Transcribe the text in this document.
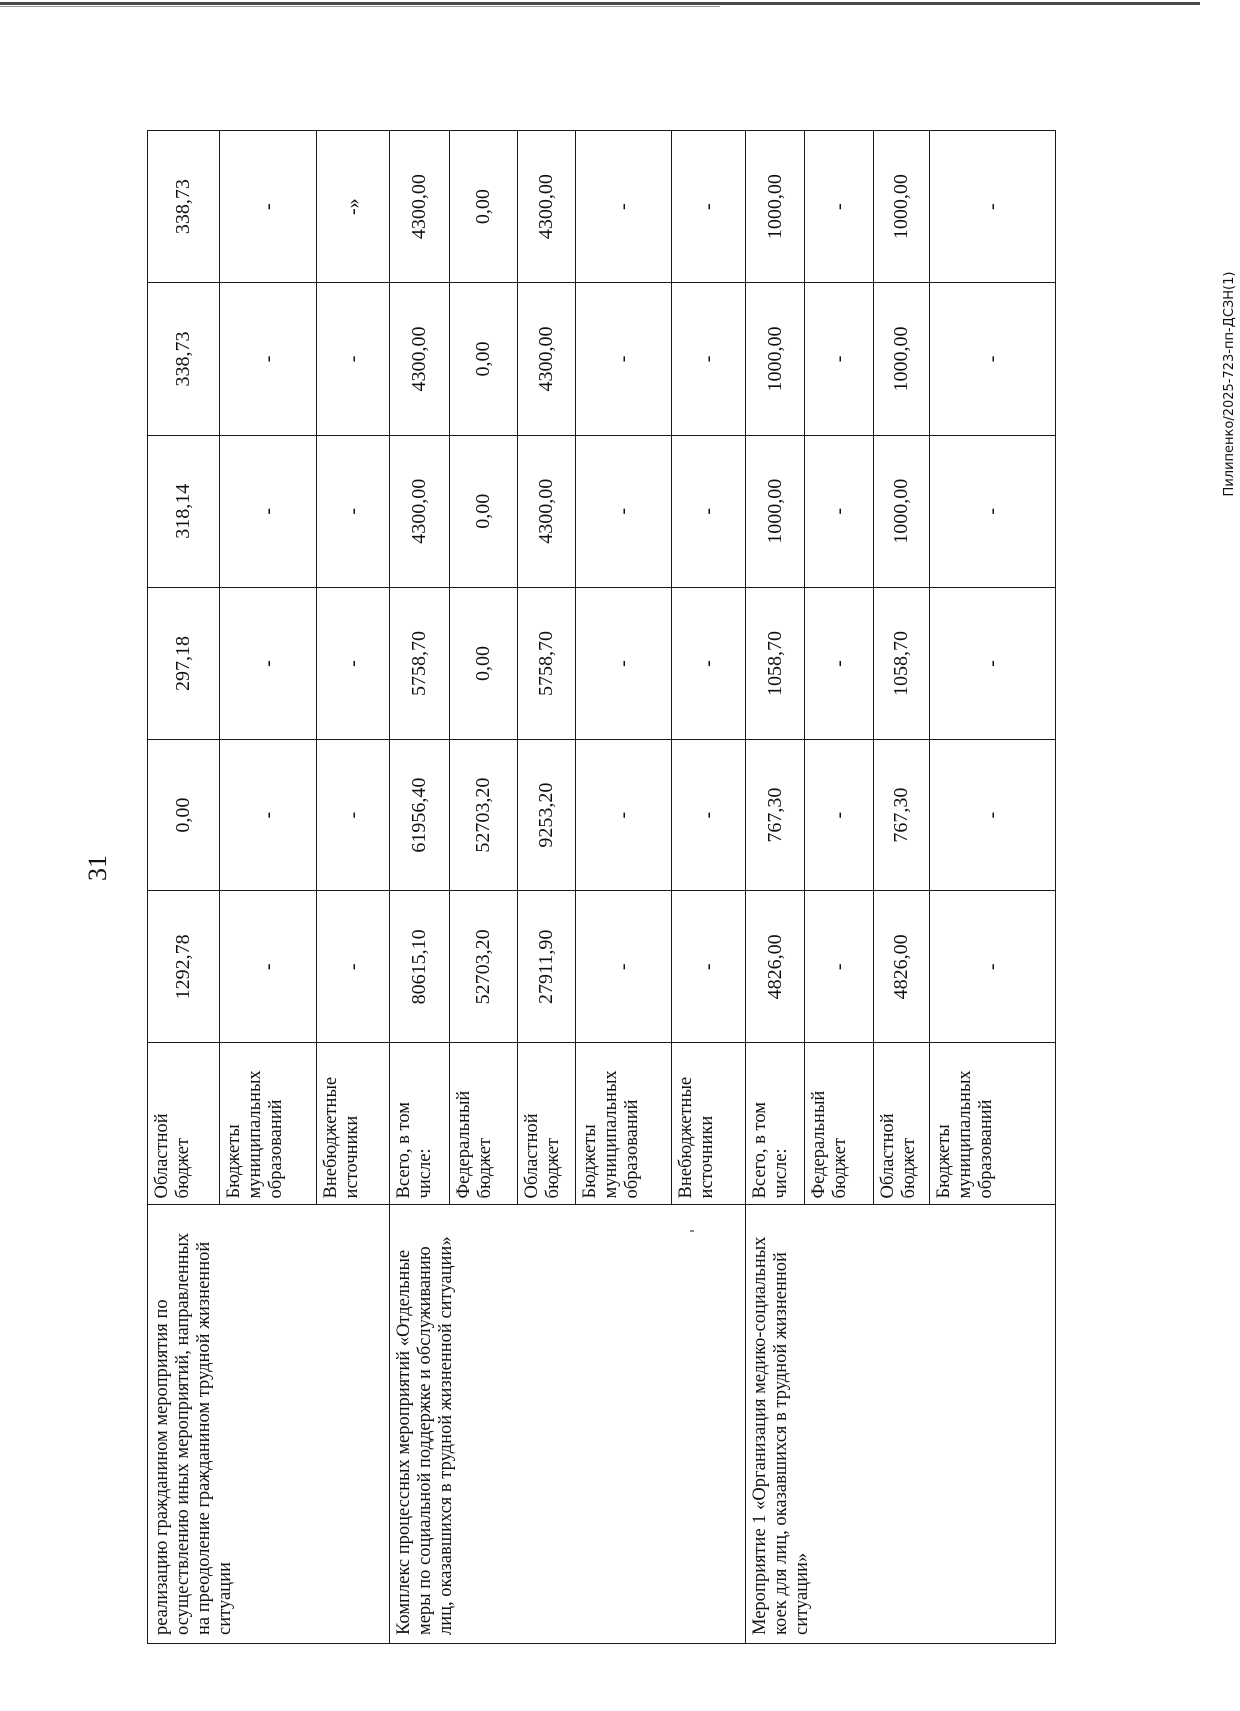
31
Пилипенко/2025-723-пп-ДСЗН(1)
реализацию гражданином мероприятия по осуществлению иных мероприятий, направленных на преодоление гражданином трудной жизненной ситуации	Областной бюджет	1292,78	0,00	297,18	318,14	338,73	338,73
	Бюджеты муниципальных образований	-	-	-	-	-	-
	Внебюджетные источники	-	-	-	-	-	-»
Комплекс процессных мероприятий «Отдельные меры по социальной поддержке и обслуживанию лиц, оказавшихся в трудной жизненной ситуации»	Всего, в том числе:	80615,10	61956,40	5758,70	4300,00	4300,00	4300,00
	Федеральный бюджет	52703,20	52703,20	0,00	0,00	0,00	0,00
	Областной бюджет	27911,90	9253,20	5758,70	4300,00	4300,00	4300,00
	Бюджеты муниципальных образований	-	-	-	-	-	-
	Внебюджетные источники	-	-	-	-	-	-
Мероприятие 1 «Организация медико-социальных коек для лиц, оказавшихся в трудной жизненной ситуации»	Всего, в том числе:	4826,00	767,30	1058,70	1000,00	1000,00	1000,00
	Федеральный бюджет	-	-	-	-	-	-
	Областной бюджет	4826,00	767,30	1058,70	1000,00	1000,00	1000,00
	Бюджеты муниципальных образований	-	-	-	-	-	-
